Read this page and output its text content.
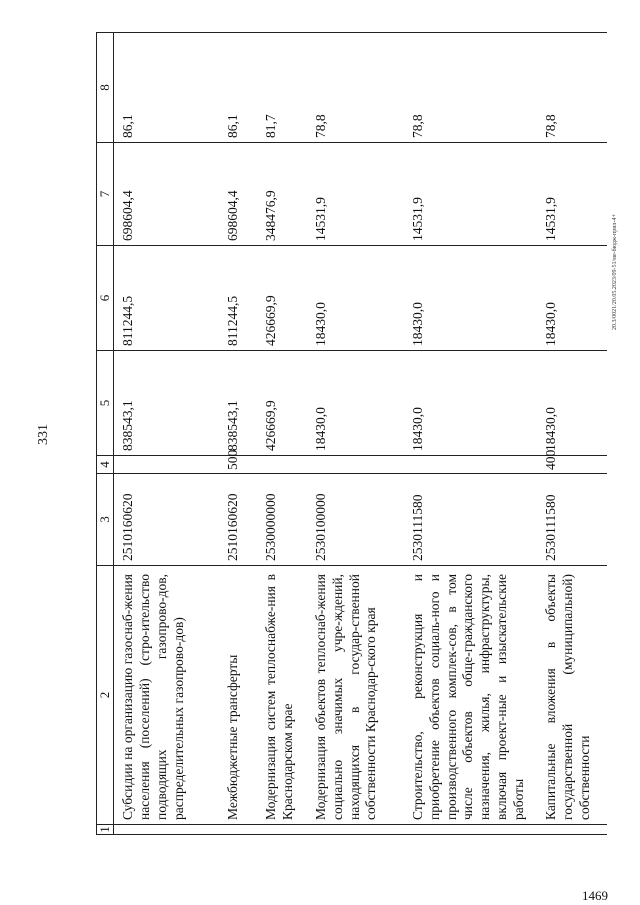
331
20.3/0021/20.05.2023/09-51/ме-бюдж-прил-4+
1	2	3	4	5	6	7	8
	Субсидии на организацию газоснаб-жения населения (поселений) (стро-ительство подводящих газопрово-дов, распределительных газопрово-дов)	2510160620		838543,1	811244,5	698604,4	86,1
	Межбюджетные трансферты	2510160620	500	838543,1	811244,5	698604,4	86,1
	Модернизация систем теплоснабже-ния в Краснодарском крае	2530000000		426669,9	426669,9	348476,9	81,7
	Модернизация объектов теплоснаб-жения социально значимых учре-ждений, находящихся в государ-ственной собственности Краснодар-ского края	2530100000		18430,0	18430,0	14531,9	78,8
	Строительство, реконструкция и приобретение объектов социаль-ного и производственного комплек-сов, в том числе объектов обще-гражданского назначения, жилья, инфраструктуры, включая проект-ные и изыскательские работы	2530111580		18430,0	18430,0	14531,9	78,8
	Капитальные вложения в объекты государственной (муниципальной) собственности	2530111580	400	18430,0	18430,0	14531,9	78,8
1469
